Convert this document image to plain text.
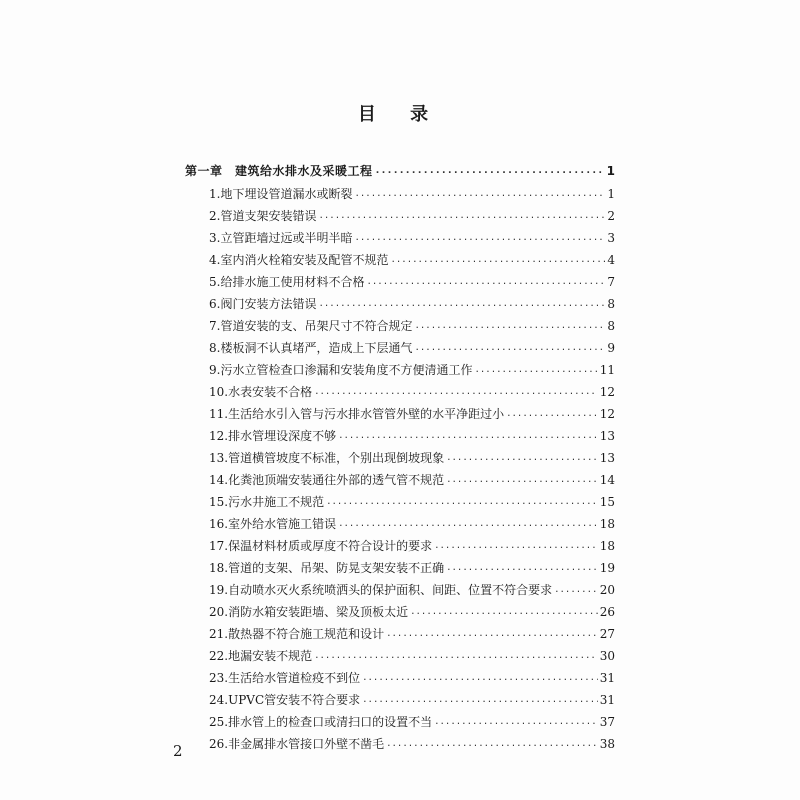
目 录
第一章　建筑给水排水及采暖工程 .....	1
1.地下埋设管道漏水或断裂 .....	1
2.管道支架安装错误 .....	2
3.立管距墙过远或半明半暗 .....	3
4.室内消火栓箱安装及配管不规范 .....	4
5.给排水施工使用材料不合格 .....	7
6.阀门安装方法错误 .....	8
7.管道安装的支、吊架尺寸不符合规定 .....	8
8.楼板洞不认真堵严，造成上下层通气 .....	9
9.污水立管检查口渗漏和安装角度不方便清通工作 .....	11
10.水表安装不合格 .....	12
11.生活给水引入管与污水排水管管外壁的水平净距过小 .....	12
12.排水管埋设深度不够 .....	13
13.管道横管坡度不标准，个别出现倒坡现象 .....	13
14.化粪池顶端安装通往外部的透气管不规范 .....	14
15.污水井施工不规范 .....	15
16.室外给水管施工错误 .....	18
17.保温材料材质或厚度不符合设计的要求 .....	18
18.管道的支架、吊架、防晃支架安装不正确 .....	19
19.自动喷水灭火系统喷洒头的保护面积、间距、位置不符合要求 .....	20
20.消防水箱安装距墙、梁及顶板太近 .....	26
21.散热器不符合施工规范和设计 .....	27
22.地漏安装不规范 .....	30
23.生活给水管道检疫不到位 .....	31
24.UPVC管安装不符合要求 .....	31
25.排水管上的检查口或清扫口的设置不当 .....	37
26.非金属排水管接口外壁不凿毛 .....	38
2
